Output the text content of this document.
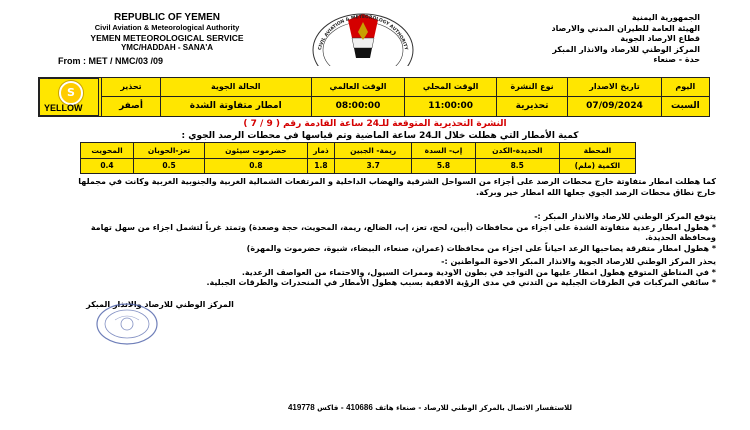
REPUBLIC OF YEMEN
Civil Aviation & Meteorological Authority
YEMEN METEOROLOGICAL SERVICE
YMC/HADDAH - SANA'A
From : MET / NMC/03 /09
CIVIL AVIATION & METEOROLOGY AUTHORITY
الجمهورية اليمنية
الهيئة العامة للطيران المدني والارصاد
قطاع الارصاد الجوية
المركز الوطني للارصاد والانذار المبكر
حدة - صنعاء
اليوم	تاريخ الاصدار	نوع النشرة	الوقت المحلي	الوقت العالمي	الحالة الجوية	تحذير	
السبت	07/09/2024	تحذيرية	11:00:00	08:00:00	امطار متفاوتة الشدة	أصفر	
S
YELLOW
النشرة التحذيرية المتوقعة للـ24 ساعة القادمة رقم ( 9 / 7 )
كمية الأمطار التي هطلت خلال الـ24 ساعة الماضية وتم قياسها في محطات الرصد الجوي :
المحطة	الحديدة-الكدن	إب- السدة	ريمة- الجبين	ذمار	حضرموت سيئون	تعز-الحوبان	المحويت
الكمية (ملم)	8.5	5.8	3.7	1.8	0.8	0.5	0.4
كما هطلت امطار متفاوتة خارج محطات الرصد على أجزاء من السواحل الشرقية والهضاب الداخلية و المرتفعات الشمالية الغربية والجنوبية الغربية وكانت في مجملها خارج نطاق محطات الرصد الجوي جعلها الله امطار خير وبركة.
يتوقع المركز الوطني للارصاد والانذار المبكر :-
* هطول امطار رعدية متفاوتة الشدة على اجزاء من محافظات (أبين، لحج، تعز، إب، الضالع، ريمة، المحويت، حجة وصعدة) وتمتد غرباً لتشمل اجزاء من سهل تهامة ومحافظة الحديدة.
* هطول امطار متفرقة يصاحبها الرعد احياناً على اجزاء من محافظات (عمران، صنعاء، البيضاء، شبوة، حضرموت والمهرة)
يحذر المركز الوطني للارصاد الجوية والانذار المبكر الاخوة المواطنين :-
* في المناطق المتوقع هطول امطار عليها من التواجد في بطون الاودية وممرات السيول، والاحتماء من العواصف الرعدية.
* سائقي المركبات في الطرقات الجبلية من التدني في مدى الرؤية الافقية بسبب هطول الأمطار في المنحدرات والطرقات الجبلية.
المركز الوطني للارصاد والانذار المبكر
للاستفسار الاتصال بالمركز الوطني للارصاد - صنعاء هاتف 410686 - فاكس 419778
